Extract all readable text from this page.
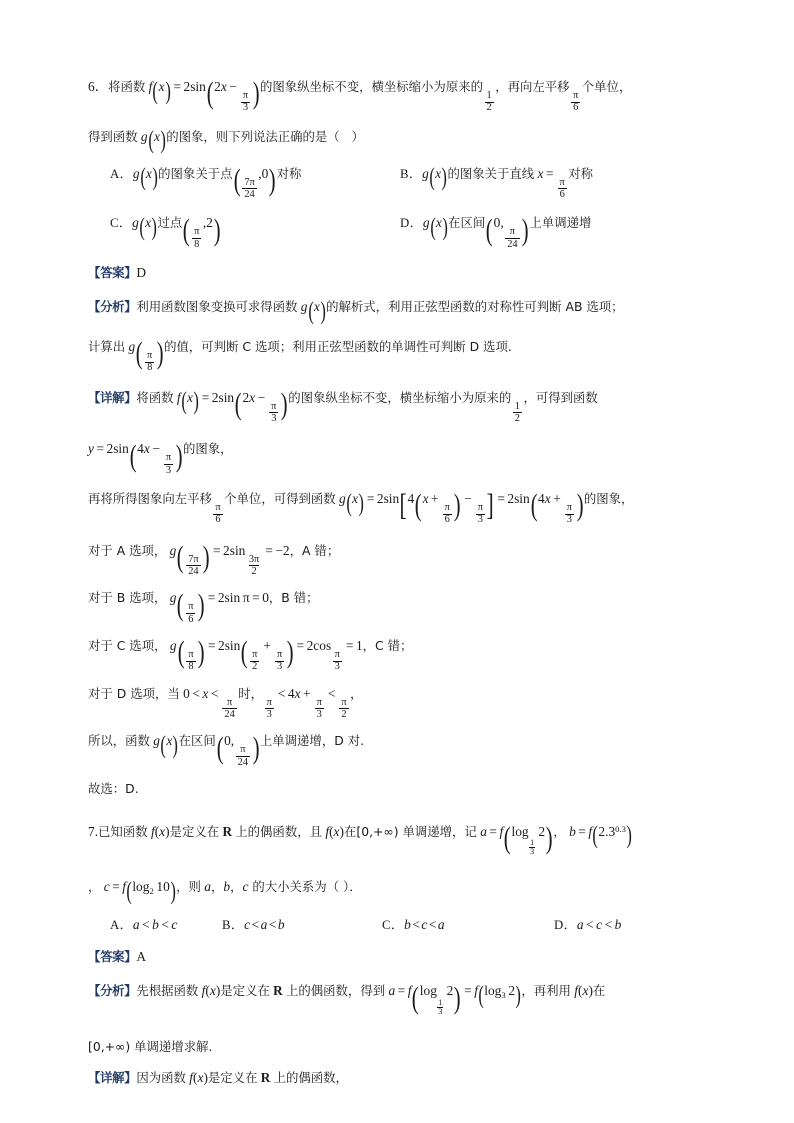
6．将函数 f(x) = 2sin(2x −
$\frac{\pi}{3}$ )的图象纵坐标不变，横坐标缩小为原来的
$\frac{1}{2}$
，再向左平移
$\frac{\pi}{6}$
个单位，
得到函数 g(x)的图象，则下列说法正确的是（ ）
A．g(x)的图象关于点( $\frac{7\pi}{24}$
,0)对称	B．g(x)的图象关于直线 x =
$\frac{\pi}{6}$
对称
C．g(x)过点( $\frac{\pi}{8}$
,2)	D．g(x)在区间(0,
$\frac{\pi}{24}$ )上单调递增
【答案】D
【分析】利用函数图象变换可求得函数 g(x)的解析式，利用正弦型函数的对称性可判断 AB 选项；
计算出 $g( \frac{\pi}{8}$ )的值，可判断 C 选项；利用正弦型函数的单调性可判断 D 选项.
【详解】将函数 f(x) = 2sin(2x −
$\frac{\pi}{3}$ )的图象纵坐标不变，横坐标缩小为原来的
$\frac{1}{2}$
，可得到函数
y = 2sin(4x −
$\frac{\pi}{3}$ )的图象，
再将所得图象向左平移
$\frac{\pi}{6}$
个单位，可得到函数 g(x) = 2sin[4(x +
$\frac{\pi}{6}$ ) −
$\frac{\pi}{3}$ ] = 2sin(4x +
$\frac{\pi}{3}$ )的图象，
对于 A 选项， $g( \frac{7\pi}{24}$ ) = 2sin
$\frac{3\pi}{2}$
= −2，A 错；
对于 B 选项， $g( \frac{\pi}{6}$ ) = 2sin π = 0，B 错；
对于 C 选项， $g( \frac{\pi}{8}$ ) = $2\sin( \frac{\pi}{2}$
+
$\frac{\pi}{3}$ ) = 2cos
$\frac{\pi}{3}$
= 1，C 错；
对于 D 选项，当 0 < x <
$\frac{\pi}{24}$
时，
$\frac{\pi}{3}$
< 4x +
$\frac{\pi}{3}$
<
$\frac{\pi}{2}$
，
所以，函数 g(x)在区间(0,
$\frac{\pi}{24}$ )上单调递增，D 对.
故选：D.
7.已知函数 f(x)是定义在 R 上的偶函数，且 f(x)在[0,+∞) 单调递增，记 a = f(log
$\frac{1}{3}$
 2)， $b = f(2.3^{0.3})$
， $c = f(\log_2$ 10)，则 a，b，c 的大小关系为（ ）．
A．a < b < c	B．c < a < b	C．b < c < a	D．a < c < b
【答案】A
【分析】先根据函数 f(x)是定义在 R 上的偶函数，得到 a = f(log
$\frac{1}{3}$
 $2) = f(\log_3$ 2)，再利用 f(x)在
[0,+∞) 单调递增求解.
【详解】因为函数 f(x)是定义在 R 上的偶函数，
